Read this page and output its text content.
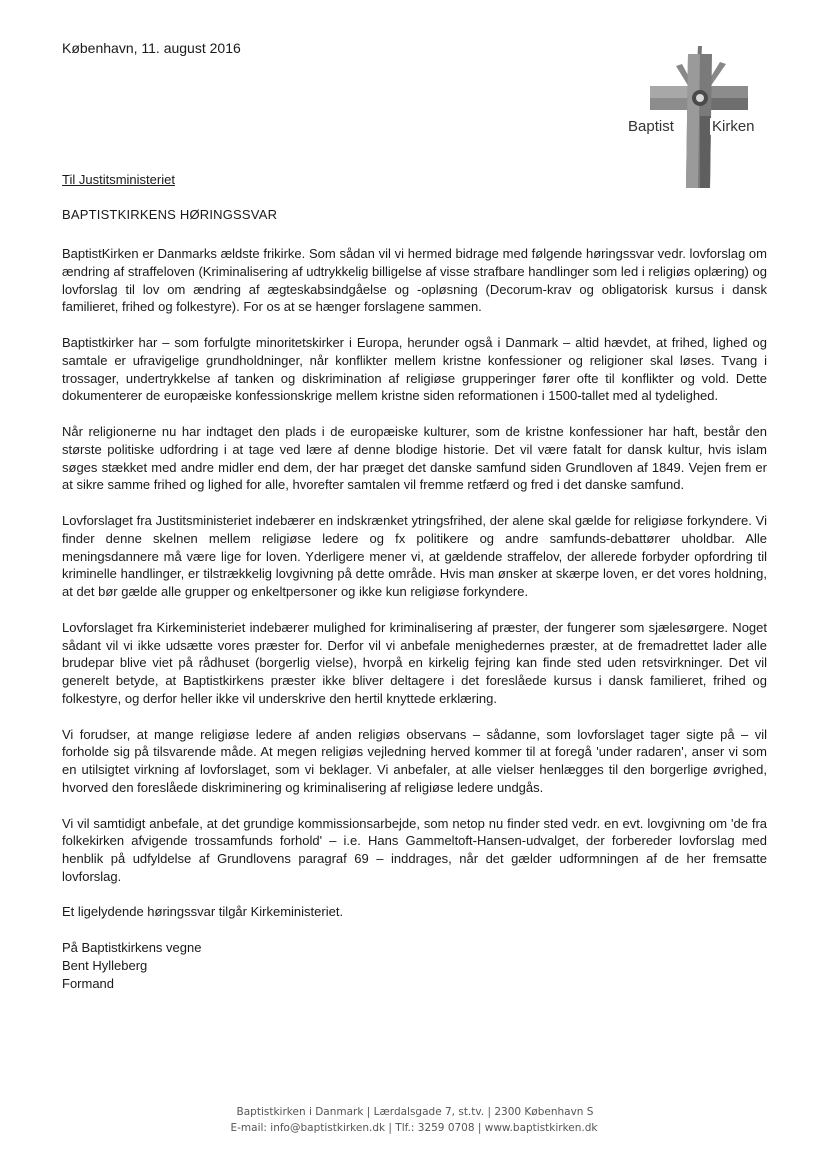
København, 11. august 2016
Baptist	Kirken
Til Justitsministeriet
BAPTISTKIRKENS HØRINGSSVAR

BaptistKirken er Danmarks ældste frikirke. Som sådan vil vi hermed bidrage med følgende høringssvar vedr. lovforslag om ændring af straffeloven (Kriminalisering af udtrykkelig billigelse af visse strafbare handlinger som led i religiøs oplæring) og lovforslag til lov om ændring af ægteskabsindgåelse og -opløsning (Decorum-krav og obligatorisk kursus i dansk familieret, frihed og folkestyre). For os at se hænger forslagene sammen.

Baptistkirker har – som forfulgte minoritetskirker i Europa, herunder også i Danmark – altid hævdet, at frihed, lighed og samtale er ufravigelige grundholdninger, når konflikter mellem kristne konfessioner og religioner skal løses. Tvang i trossager, undertrykkelse af tanken og diskrimination af religiøse grupperinger fører ofte til konflikter og vold. Dette dokumenterer de europæiske konfessionskrige mellem kristne siden reformationen i 1500-tallet med al tydelighed.

Når religionerne nu har indtaget den plads i de europæiske kulturer, som de kristne konfessioner har haft, består den største politiske udfordring i at tage ved lære af denne blodige historie. Det vil være fatalt for dansk kultur, hvis islam søges stækket med andre midler end dem, der har præget det danske samfund siden Grundloven af 1849. Vejen frem er at sikre samme frihed og lighed for alle, hvorefter samtalen vil fremme retfærd og fred i det danske samfund.

Lovforslaget fra Justitsministeriet indebærer en indskrænket ytringsfrihed, der alene skal gælde for religiøse forkyndere. Vi finder denne skelnen mellem religiøse ledere og fx politikere og andre samfunds-debattører uholdbar. Alle meningsdannere må være lige for loven. Yderligere mener vi, at gældende straffelov, der allerede forbyder opfordring til kriminelle handlinger, er tilstrækkelig lovgivning på dette område. Hvis man ønsker at skærpe loven, er det vores holdning, at det bør gælde alle grupper og enkeltpersoner og ikke kun religiøse forkyndere.

Lovforslaget fra Kirkeministeriet indebærer mulighed for kriminalisering af præster, der fungerer som sjælesørgere. Noget sådant vil vi ikke udsætte vores præster for. Derfor vil vi anbefale menighedernes præster, at de fremadrettet lader alle brudepar blive viet på rådhuset (borgerlig vielse), hvorpå en kirkelig fejring kan finde sted uden retsvirkninger. Det vil generelt betyde, at Baptistkirkens præster ikke bliver deltagere i det foreslåede kursus i dansk familieret, frihed og folkestyre, og derfor heller ikke vil underskrive den hertil knyttede erklæring.

Vi forudser, at mange religiøse ledere af anden religiøs observans – sådanne, som lovforslaget tager sigte på – vil forholde sig på tilsvarende måde. At megen religiøs vejledning herved kommer til at foregå 'under radaren', anser vi som en utilsigtet virkning af lovforslaget, som vi beklager. Vi anbefaler, at alle vielser henlægges til den borgerlige øvrighed, hvorved den foreslåede diskriminering og kriminalisering af religiøse ledere undgås.

Vi vil samtidigt anbefale, at det grundige kommissionsarbejde, som netop nu finder sted vedr. en evt. lovgivning om 'de fra folkekirken afvigende trossamfunds forhold' – i.e. Hans Gammeltoft-Hansen-udvalget, der forbereder lovforslag med henblik på udfyldelse af Grundlovens paragraf 69 – inddrages, når det gælder udformningen af de her fremsatte lovforslag.

Et ligelydende høringssvar tilgår Kirkeministeriet.

På Baptistkirkens vegne

Bent Hylleberg

Formand

Baptistkirken i Danmark | Lærdalsgade 7, st.tv. | 2300 København S
E-mail: info@baptistkirken.dk | Tlf.: 3259 0708 | www.baptistkirken.dk
